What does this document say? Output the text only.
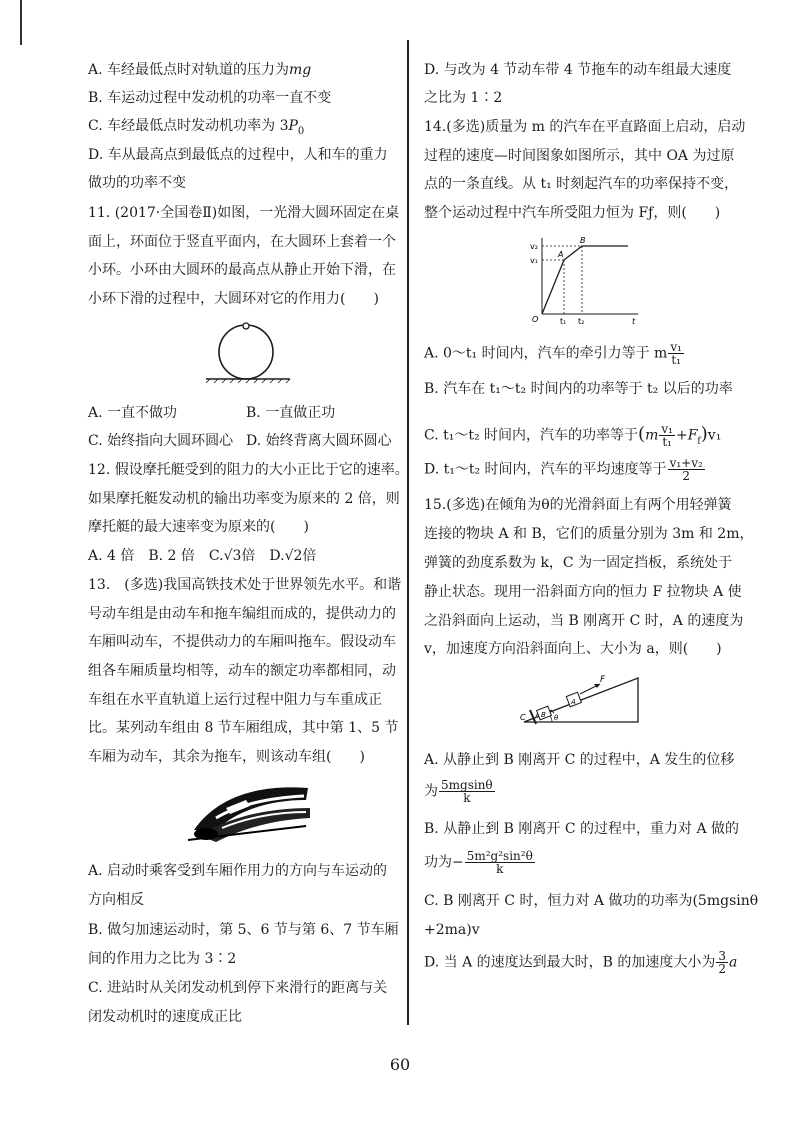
A. 车经最低点时对轨道的压力为mg
B. 车运动过程中发动机的功率一直不变
C. 车经最低点时发动机功率为 $3P_0$
D. 车从最高点到最低点的过程中，人和车的重力
做功的功率不变
11. (2017·全国卷Ⅱ)如图，一光滑大圆环固定在桌
面上，环面位于竖直平面内，在大圆环上套着一个
小环。小环由大圆环的最高点从静止开始下滑，在
小环下滑的过程中，大圆环对它的作用力(　　)
A. 一直不做功	B. 一直做正功
C. 始终指向大圆环圆心 D. 始终背离大圆环圆心
12. 假设摩托艇受到的阻力的大小正比于它的速率。
如果摩托艇发动机的输出功率变为原来的 2 倍，则
摩托艇的最大速率变为原来的(　　)
A. 4 倍　B. 2 倍　C.√3倍　D.√2倍
13.　(多选)我国高铁技术处于世界领先水平。和谐
号动车组是由动车和拖车编组而成的，提供动力的
车厢叫动车，不提供动力的车厢叫拖车。假设动车
组各车厢质量均相等，动车的额定功率都相同，动
车组在水平直轨道上运行过程中阻力与车重成正
比。某列动车组由 8 节车厢组成，其中第 1、5 节
车厢为动车，其余为拖车，则该动车组(　　)
A. 启动时乘客受到车厢作用力的方向与车运动的
方向相反
B. 做匀加速运动时，第 5、6 节与第 6、7 节车厢
间的作用力之比为 3∶2
C. 进站时从关闭发动机到停下来滑行的距离与关
闭发动机时的速度成正比
D. 与改为 4 节动车带 4 节拖车的动车组最大速度
之比为 1∶2
14.(多选)质量为 m 的汽车在平直路面上启动，启动
过程的速度—时间图象如图所示，其中 OA 为过原
点的一条直线。从 t₁ 时刻起汽车的功率保持不变，
整个运动过程中汽车所受阻力恒为 Fƒ，则(　　)
v₂
v₁
A
B
O	t₁ t₂	t
A. 0～t₁ 时间内，汽车的牵引力等于 m $\frac{\text{v₁}}{\text{t₁}}$
B. 汽车在 t₁～t₂ 时间内的功率等于 t₂ 以后的功率
C. t₁～t₂ 时间内，汽车的功率等于$(m \frac{\text{v₁}}{\text{t₁}} +F_f)v_1$
D. t₁～t₂ 时间内，汽车的平均速度等于 $\frac{\text{v₁+v₂}}{2}$
15.(多选)在倾角为θ的光滑斜面上有两个用轻弹簧
连接的物块 A 和 B，它们的质量分别为 3m 和 2m，
弹簧的劲度系数为 k，C 为一固定挡板，系统处于
静止状态。现用一沿斜面方向的恒力 F 拉物块 A 使
之沿斜面向上运动，当 B 刚离开 C 时，A 的速度为
v，加速度方向沿斜面向上、大小为 a，则(　　)
F
A
B
C	θ
A. 从静止到 B 刚离开 C 的过程中，A 发生的位移
为 $\frac{5mgsin\theta}{k}$
B. 从静止到 B 刚离开 C 的过程中，重力对 A 做的
功为− $\frac{\text{5m²g²sin²θ}}{k}$
C. B 刚离开 C 时，恒力对 A 做功的功率为(5mgsinθ
+2ma)v
D. 当 A 的速度达到最大时，B 的加速度大小为 $\frac{3}{2}$ a
60
